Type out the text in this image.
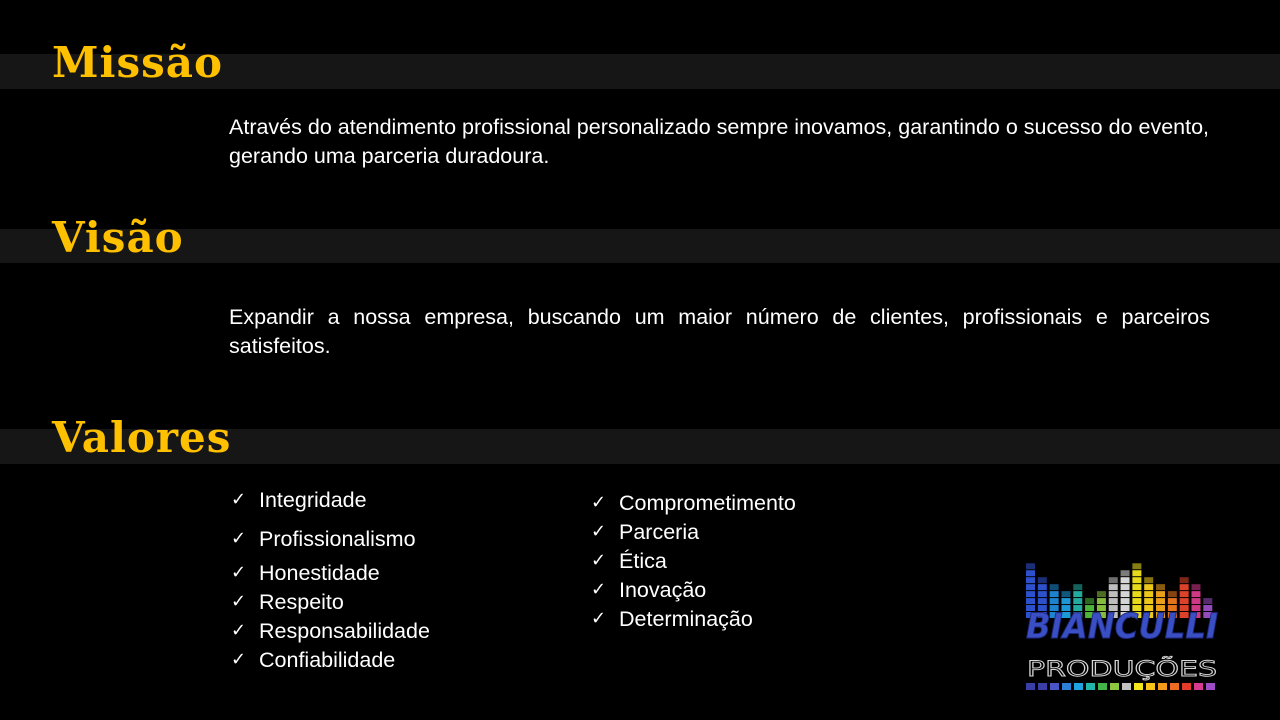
Missão

Através do atendimento profissional personalizado sempre inovamos, garantindo o sucesso do evento, gerando uma parceria duradoura.

Visão

Expandir a nossa empresa, buscando um maior número de clientes, profissionais e parceiros satisfeitos.

Valores
✓ Integridade
✓ Profissionalismo
✓ Honestidade
✓ Respeito
✓ Responsabilidade
✓ Confiabilidade
✓ Comprometimento
✓ Parceria
✓ Ética
✓ Inovação
✓ Determinação	BIANCULLI
PRODUÇÕES
